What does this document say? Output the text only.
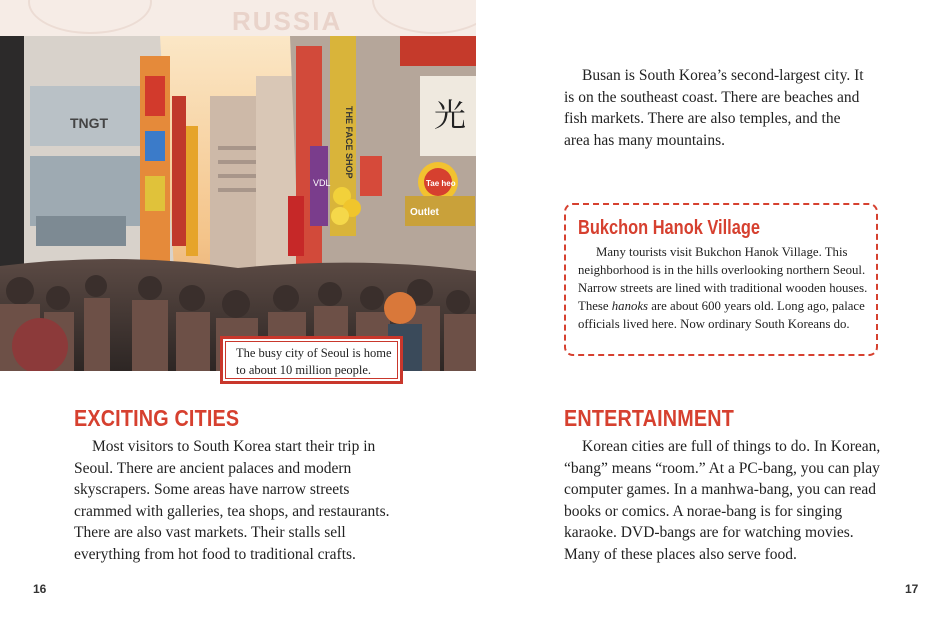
RUSSIA
TNGT	THE FACE SHOP
VDL
光
Tae heo
Outlet
The busy city of Seoul is home to about 10 million people.
EXCITING CITIES

Most visitors to South Korea start their trip in Seoul. There are ancient palaces and modern skyscrapers. Some areas have narrow streets crammed with galleries, tea shops, and restaurants. There are also vast markets. Their stalls sell everything from hot food to traditional crafts.

16

Busan is South Korea’s second-largest city. It is on the southeast coast. There are beaches and fish markets. There are also temples, and the area has many mountains.

Bukchon Hanok Village

Many tourists visit Bukchon Hanok Village. This neighborhood is in the hills overlooking northern Seoul. Narrow streets are lined with traditional wooden houses. These hanoks are about 600 years old. Long ago, palace officials lived here. Now ordinary South Koreans do.

ENTERTAINMENT

Korean cities are full of things to do. In Korean, “bang” means “room.” At a PC-bang, you can play computer games. In a manhwa-bang, you can read books or comics. A norae-bang is for singing karaoke. DVD-bangs are for watching movies. Many of these places also serve food.

17
